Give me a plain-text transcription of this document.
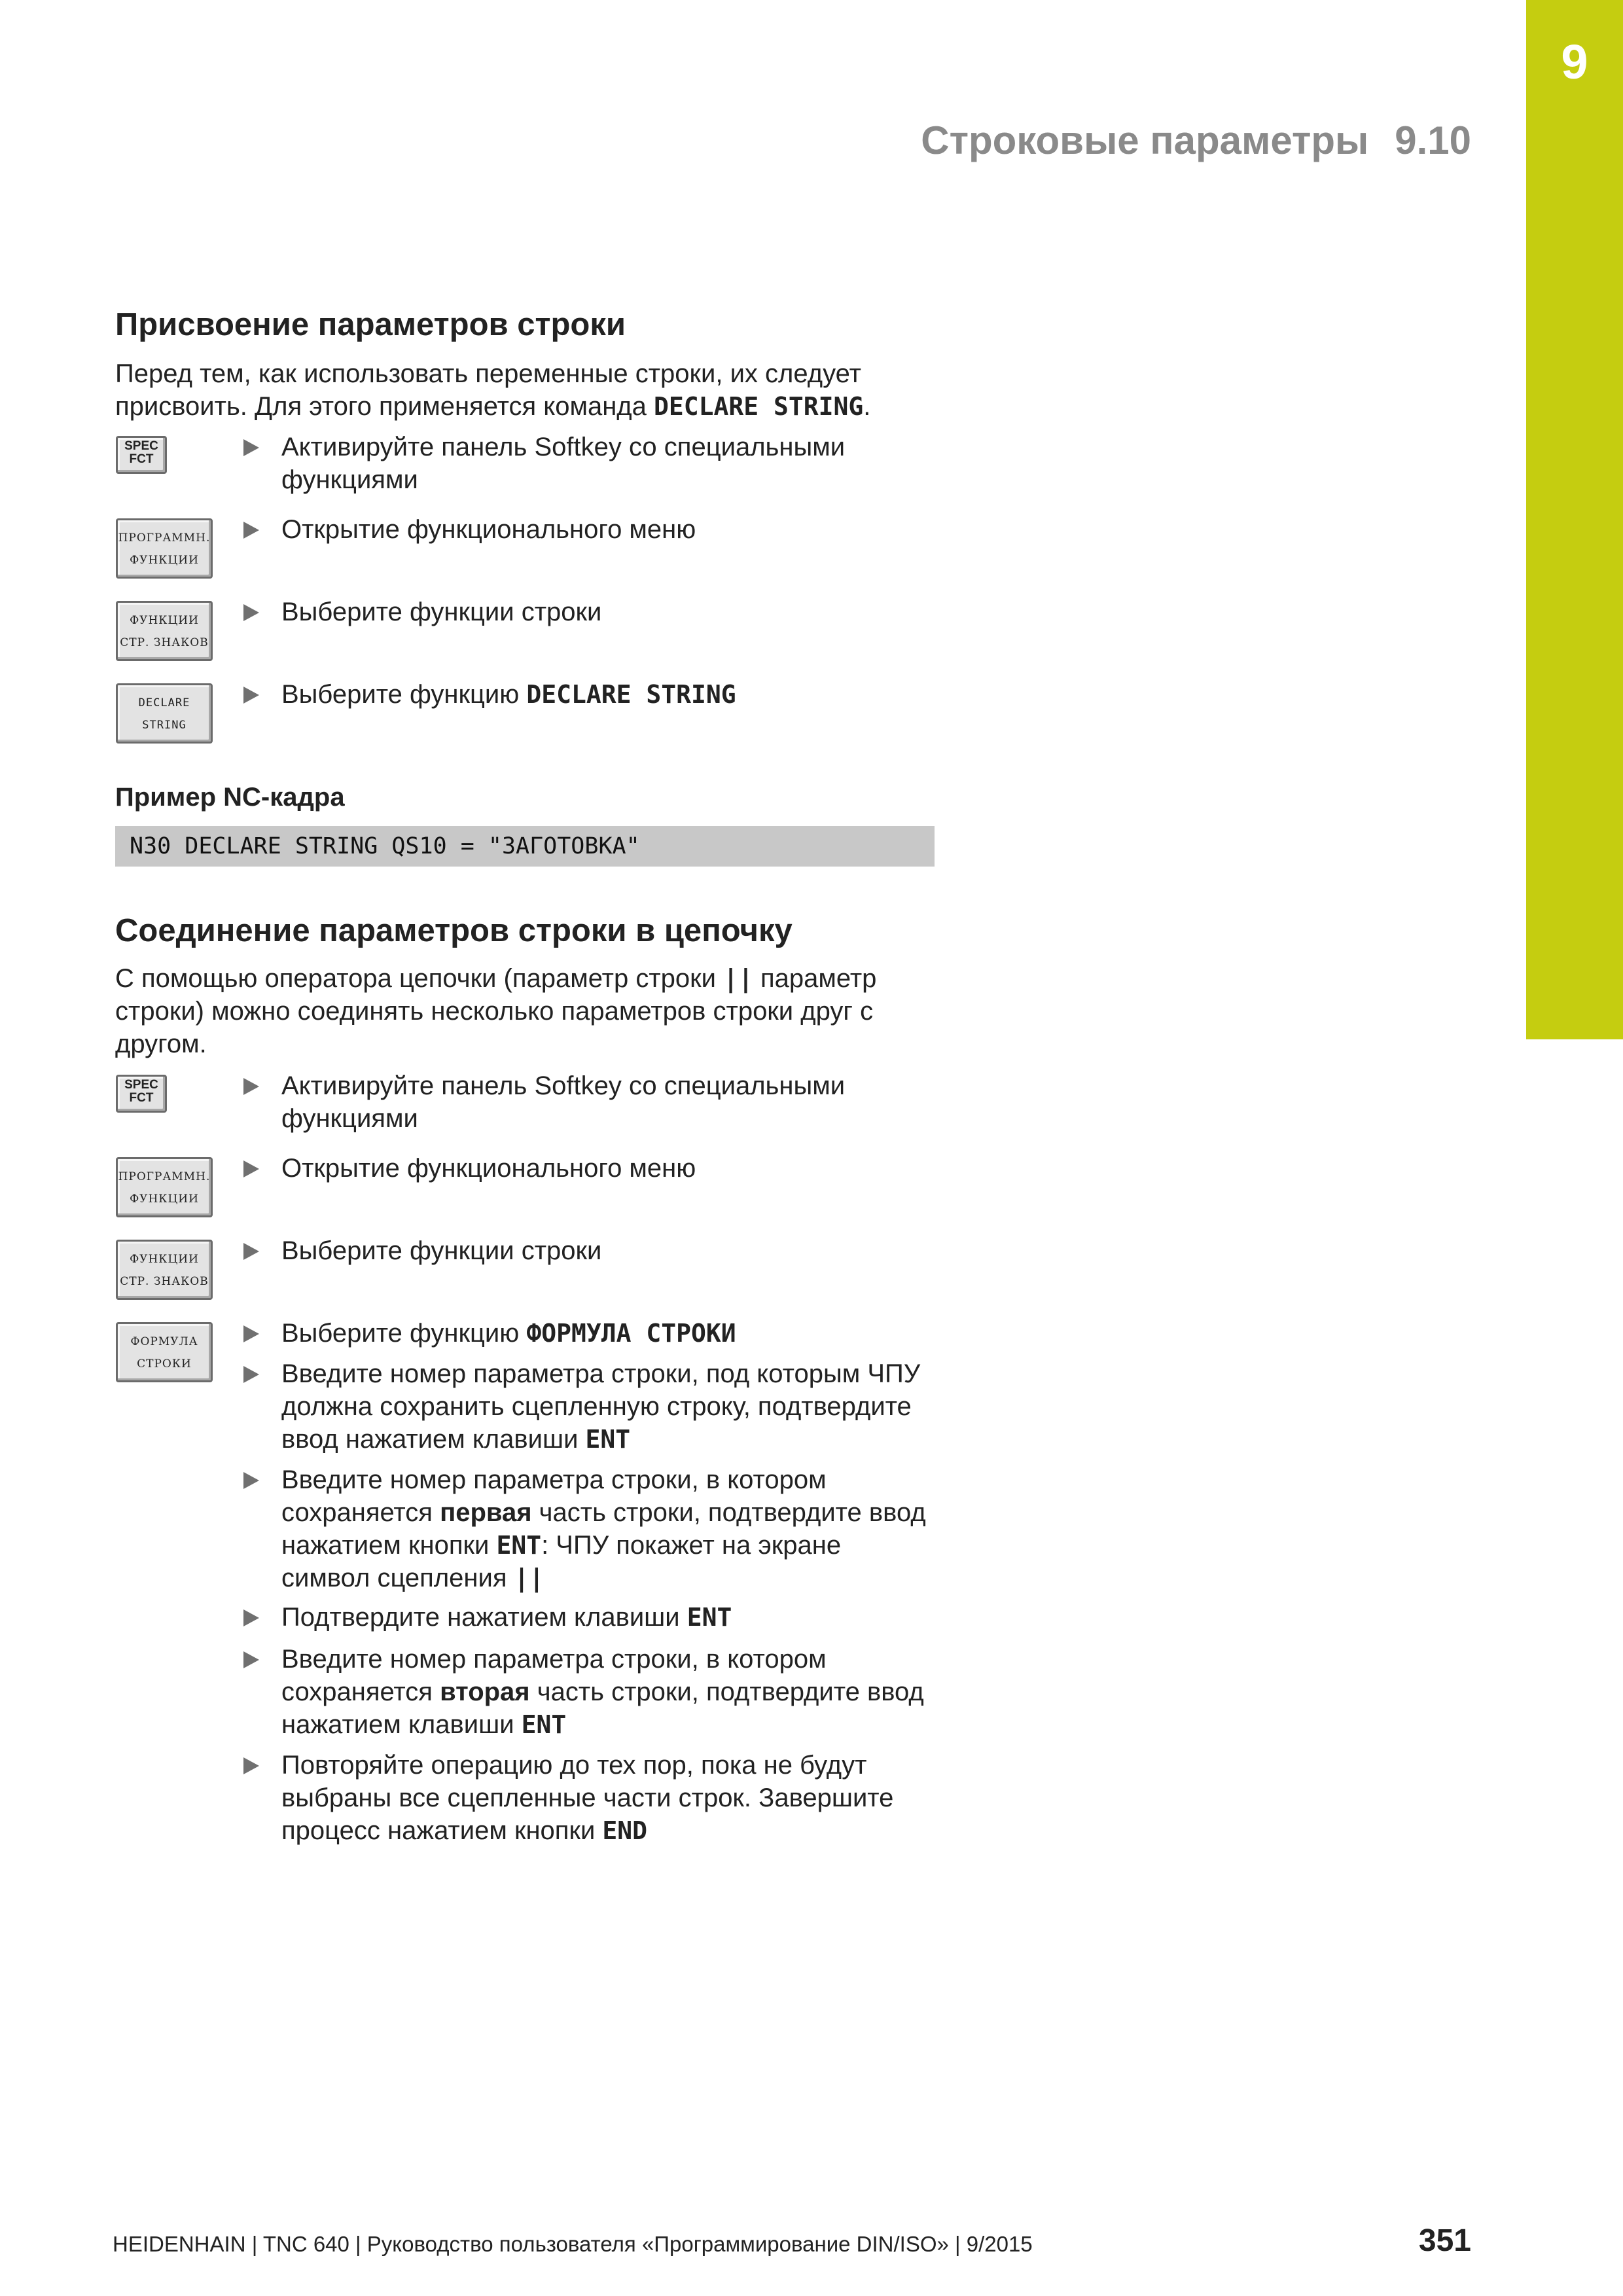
9
Строковые параметры 9.10
Присвоение параметров строки
Перед тем, как использовать переменные строки, их следует присвоить. Для этого применяется команда DECLARE STRING.
SPEC
FCT	Активируйте панель Softkey со специальными функциями
ПРОГРАММН.
ФУНКЦИИ
Открытие функционального меню
ФУНКЦИИ
СТР. ЗНАКОВ
Выберите функции строки
DECLARE
STRING
Выберите функцию DECLARE STRING
Пример NC-кадра
N30 DECLARE STRING QS10 = "ЗАГОТОВКА"
Соединение параметров строки в цепочку
С помощью оператора цепочки (параметр строки || параметр строки) можно соединять несколько параметров строки друг с другом.
SPEC
FCT	Активируйте панель Softkey со специальными функциями
ПРОГРАММН.
ФУНКЦИИ
Открытие функционального меню
ФУНКЦИИ
СТР. ЗНАКОВ
Выберите функции строки
ФОРМУЛА
СТРОКИ
Выберите функцию ФОРМУЛА СТРОКИ
Введите номер параметра строки, под которым ЧПУ должна сохранить сцепленную строку, подтвердите ввод нажатием клавиши ENT
Введите номер параметра строки, в котором сохраняется первая часть строки, подтвердите ввод нажатием кнопки ENT: ЧПУ покажет на экране символ сцепления ||
Подтвердите нажатием клавиши ENT
Введите номер параметра строки, в котором сохраняется вторая часть строки, подтвердите ввод нажатием клавиши ENT
Повторяйте операцию до тех пор, пока не будут выбраны все сцепленные части строк. Завершите процесс нажатием кнопки END
HEIDENHAIN | TNC 640 | Руководство пользователя «Программирование DIN/ISO» | 9/2015	351
